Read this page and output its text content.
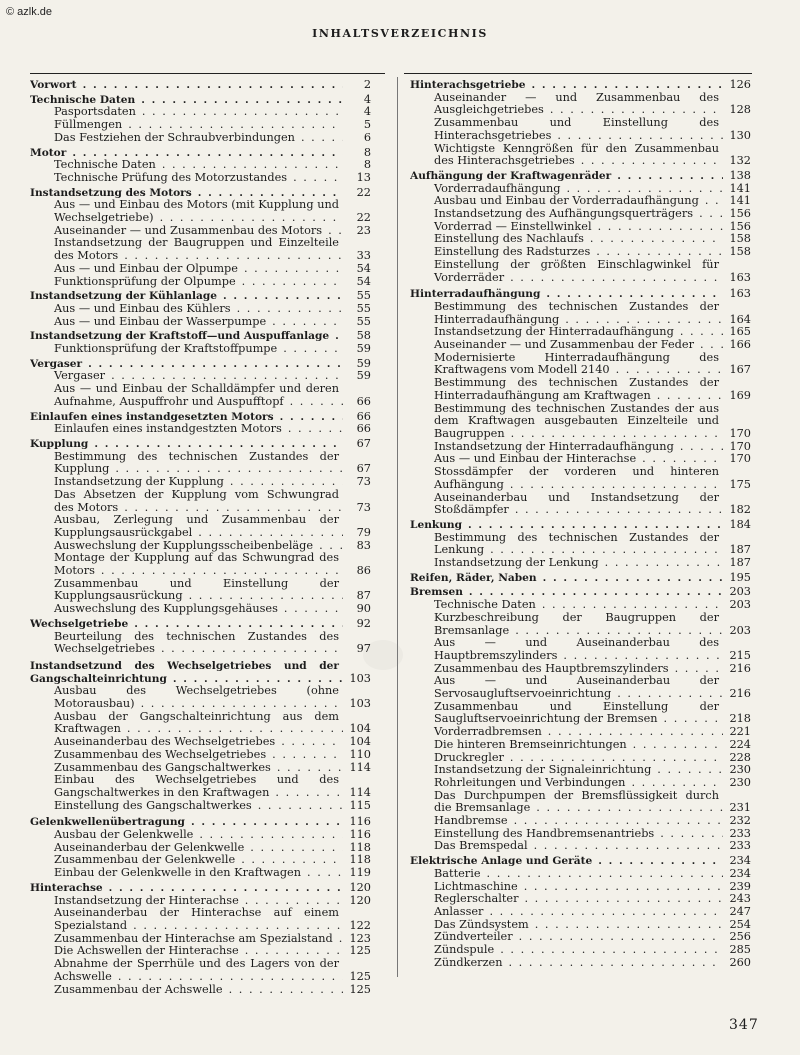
© azlk.de
INHALTSVERZEICHNIS
Vorwort . . .	2
Technische Daten . . .	4
Pasportsdaten . . .	4
Füllmengen . . .	5
Das Festziehen der Schraubverbindungen . . .	6
Motor . . .	8
Technische Daten . . .	8
Technische Prüfung des Motorzustandes . . .	13
Instandsetzung des Motors . . .	22
Aus — und Einbau des Motors (mit Kupplung und Wechselgetriebe) . . .	22
Auseinander — und Zusammenbau des Motors . . .	23
Instandsetzung der Baugruppen und Einzelteile des Motors . . .	33
Aus — und Einbau der Ölpumpe . . .	54
Funktionsprüfung der Ölpumpe . . .	54
Instandsetzung der Kühlanlage . . .	55
Aus — und Einbau des Kühlers . . .	55
Aus — und Einbau der Wasserpumpe . . .	55
Instandsetzung der Kraftstoff—und Auspuffanlage . . .	58
Funktionsprüfung der Kraftstoffpumpe . . .	59
Vergaser . . .	59
Vergaser . . .	59
Aus — und Einbau der Schalldämpfer und deren Aufnahme, Auspuffrohr und Auspufftopf . . .	66
Einlaufen eines instandgesetzten Motors . . .	66
Einlaufen eines instandgestzten Motors . . .	66
Kupplung . . .	67
Bestimmung des technischen Zustandes der Kupplung . . .	67
Instandsetzung der Kupplung . . .	73
Das Absetzen der Kupplung vom Schwungrad des Motors . . .	73
Ausbau, Zerlegung und Zusammenbau der Kupplungsausrückgabel . . .	79
Auswechslung der Kupplungsscheibenbeläge . . .	83
Montage der Kupplung auf das Schwungrad des Motors . . .	86
Zusammenbau und Einstellung der Kupplungsausrückung . . .	87
Auswechslung des Kupplungsgehäuses . . .	90
Wechselgetriebe . . .	92
Beurteilung des technischen Zustandes des Wechselgetriebes . . .	97
Instandsetzund des Wechselgetriebes und der Gangschalteinrichtung . . .	103
Ausbau des Wechselgetriebes (ohne Motorausbau) . . .	103
Ausbau der Gangschalteinrichtung aus dem Kraftwagen . . .	104
Auseinanderbau des Wechselgetriebes . . .	104
Zusammenbau des Wechselgetriebes . . .	110
Zusammenbau des Gangschaltwerkes . . .	114
Einbau des Wechselgetriebes und des Gangschaltwerkes in den Kraftwagen . . .	114
Einstellung des Gangschaltwerkes . . .	115
Gelenkwellenübertragung . . .	116
Ausbau der Gelenkwelle . . .	116
Auseinanderbau der Gelenkwelle . . .	118
Zusammenbau der Gelenkwelle . . .	118
Einbau der Gelenkwelle in den Kraftwagen . . .	119
Hinterachse . . .	120
Instandsetzung der Hinterachse . . .	120
Auseinanderbau der Hinterachse auf einem Spezialstand . . .	122
Zusammenbau der Hinterachse am Spezialstand . . .	123
Die Achswellen der Hinterachse . . .	125
Abnahme der Sperrhüle und des Lagers von der Achswelle . . .	125
Zusammenbau der Achswelle . . .	125
Hinterachsgetriebe . . .	126
Auseinander — und Zusammenbau des Ausgleichgetriebes . . .	128
Zusammenbau und Einstellung des Hinterachsgetriebes . . .	130
Wichtigste Kenngrößen für den Zusammenbau des Hinterachsgetriebes . . .	132
Aufhängung der Kraftwagenräder . . .	138
Vorderradaufhängung . . .	141
Ausbau und Einbau der Vorderradaufhängung . . .	141
Instandsetzung des Aufhängungsquerträgers . . .	156
Vorderrad — Einstellwinkel . . .	156
Einstellung des Nachlaufs . . .	158
Einstellung des Radsturzes . . .	158
Einstellung der größten Einschlagwinkel für Vorderräder . . .	163
Hinterradaufhängung . . .	163
Bestimmung des technischen Zustandes der Hinterradaufhängung . . .	164
Instandsetzung der Hinterradaufhängung . . .	165
Auseinander — und Zusammenbau der Feder . . .	166
Modernisierte Hinterradaufhängung des Kraftwagens vom Modell 2140 . . .	167
Bestimmung des technischen Zustandes der Hinterradaufhängung am Kraftwagen . . .	169
Bestimmung des technischen Zustandes der aus dem Kraftwagen ausgebauten Einzelteile und Baugruppen . . .	170
Instandsetzung der Hinterradaufhängung . . .	170
Aus — und Einbau der Hinterachse . . .	170
Stossdämpfer der vorderen und hinteren Aufhängung . . .	175
Auseinanderbau und Instandsetzung der Stoßdämpfer . . .	182
Lenkung . . .	184
Bestimmung des technischen Zustandes der Lenkung . . .	187
Instandsetzung der Lenkung . . .	187
Reifen, Räder, Naben . . .	195
Bremsen . . .	203
Technische Daten . . .	203
Kurzbeschreibung der Baugruppen der Bremsanlage . . .	203
Aus — und Auseinanderbau des Hauptbremszylinders . . .	215
Zusammenbau des Hauptbremszylinders . . .	216
Aus — und Auseinanderbau der Servosaugluftservoeinrichtung . . .	216
Zusammenbau und Einstellung der Saugluftservoeinrichtung der Bremsen . . .	218
Vorderradbremsen . . .	221
Die hinteren Bremseinrichtungen . . .	224
Druckregler . . .	228
Instandsetzung der Signaleinrichtung . . .	230
Rohrleitungen und Verbindungen . . .	230
Das Durchpumpen der Bremsflüssigkeit durch die Bremsanlage . . .	231
Handbremse . . .	232
Einstellung des Handbremsenantriebs . . .	233
Das Bremspedal . . .	233
Elektrische Anlage und Geräte . . .	234
Batterie . . .	234
Lichtmaschine . . .	239
Reglerschalter . . .	243
Anlasser . . .	247
Das Zündsystem . . .	254
Zündverteiler . . .	256
Zündspule . . .	285
Zündkerzen . . .	260
347
